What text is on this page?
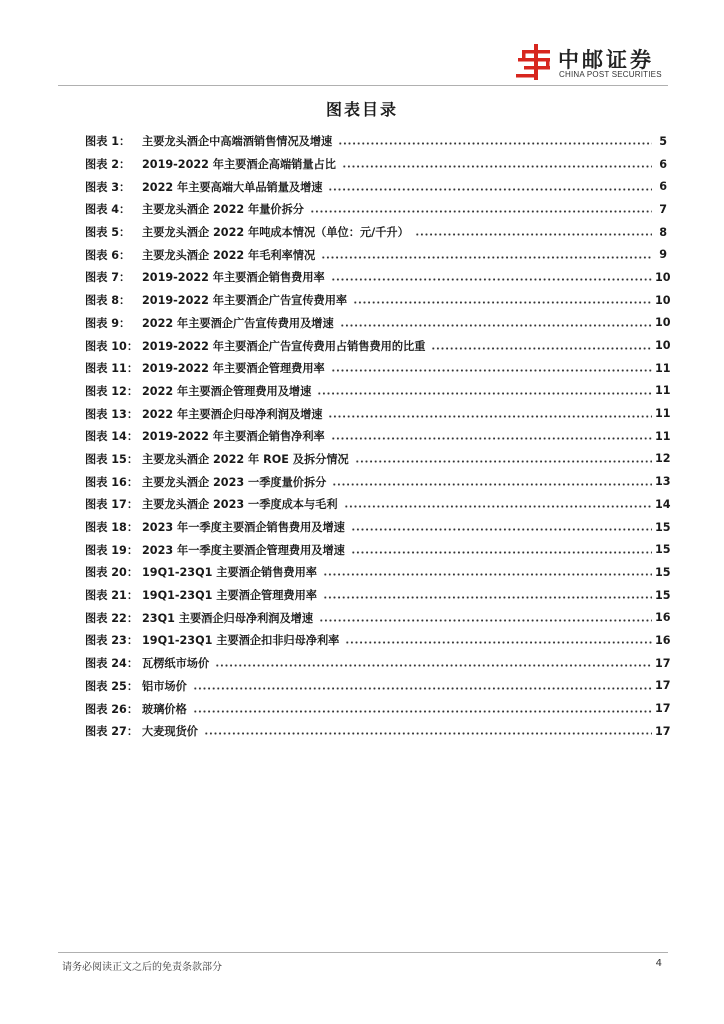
中邮证券
CHINA POST SECURITIES
图表目录
图表 1：	主要龙头酒企中高端酒销售情况及增速	5
图表 2：	2019-2022 年主要酒企高端销量占比	6
图表 3：	2022 年主要高端大单品销量及增速	6
图表 4：	主要龙头酒企 2022 年量价拆分	7
图表 5：	主要龙头酒企 2022 年吨成本情况（单位：元/千升）	8
图表 6：	主要龙头酒企 2022 年毛利率情况	9
图表 7：	2019-2022 年主要酒企销售费用率	10
图表 8：	2019-2022 年主要酒企广告宣传费用率	10
图表 9：	2022 年主要酒企广告宣传费用及增速	10
图表 10： 2019-2022 年主要酒企广告宣传费用占销售费用的比重	10
图表 11： 2019-2022 年主要酒企管理费用率	11
图表 12： 2022 年主要酒企管理费用及增速	11
图表 13： 2022 年主要酒企归母净利润及增速	11
图表 14： 2019-2022 年主要酒企销售净利率	11
图表 15： 主要龙头酒企 2022 年 ROE 及拆分情况	12
图表 16： 主要龙头酒企 2023 一季度量价拆分	13
图表 17： 主要龙头酒企 2023 一季度成本与毛利	14
图表 18： 2023 年一季度主要酒企销售费用及增速	15
图表 19： 2023 年一季度主要酒企管理费用及增速	15
图表 20： 19Q1-23Q1 主要酒企销售费用率	15
图表 21： 19Q1-23Q1 主要酒企管理费用率	15
图表 22： 23Q1 主要酒企归母净利润及增速	16
图表 23： 19Q1-23Q1 主要酒企扣非归母净利率	16
图表 24： 瓦楞纸市场价	17
图表 25： 铝市场价	17
图表 26： 玻璃价格	17
图表 27： 大麦现货价	17
请务必阅读正文之后的免责条款部分	4
